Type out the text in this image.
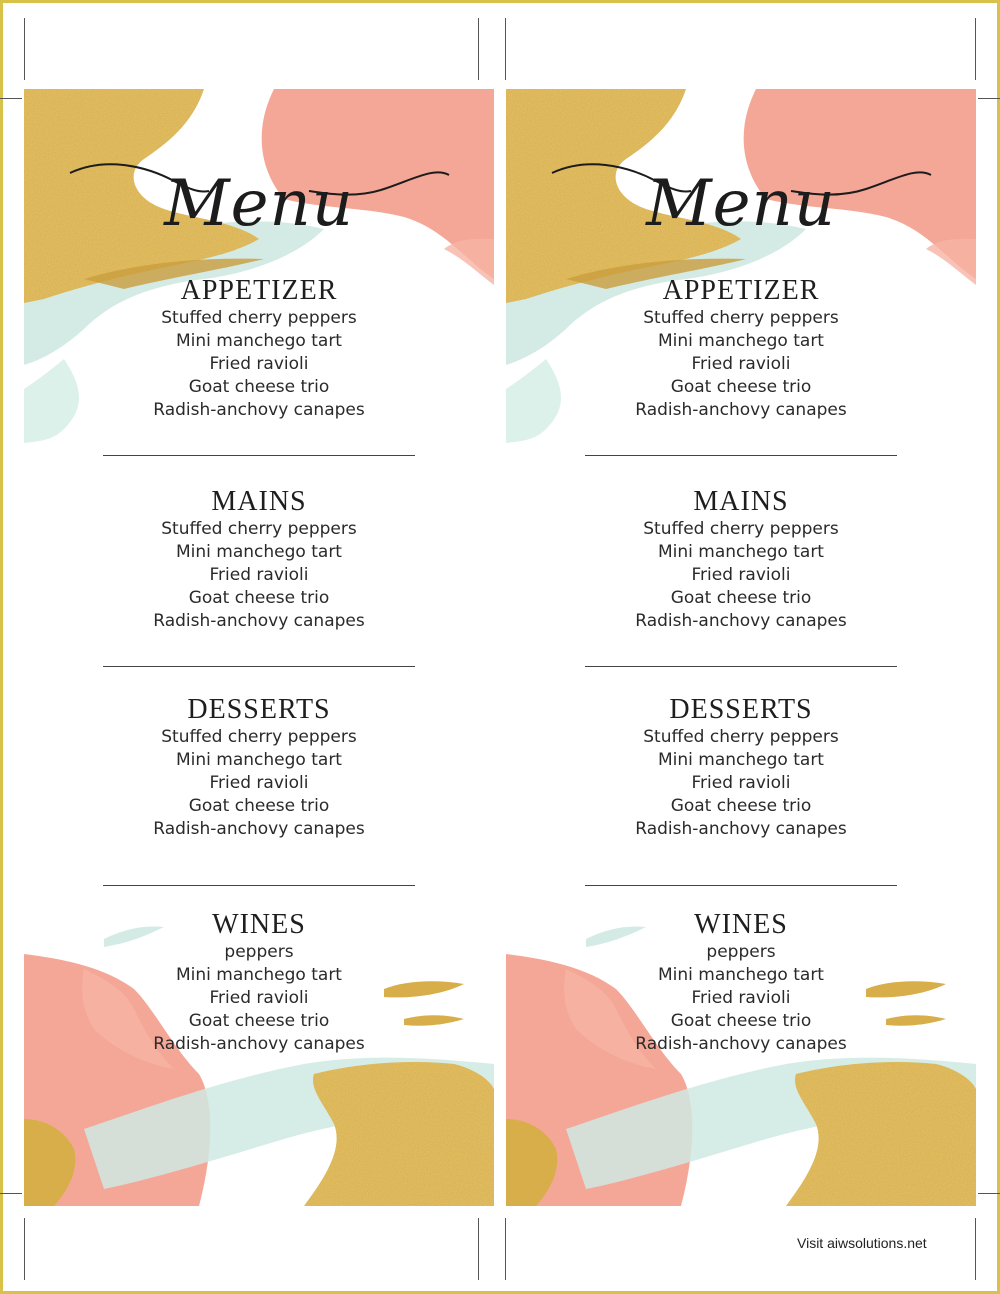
Menu
APPETIZER
Stuffed cherry peppers
Mini manchego tart
Fried ravioli
Goat cheese trio
Radish-anchovy canapes
MAINS
Stuffed cherry peppers
Mini manchego tart
Fried ravioli
Goat cheese trio
Radish-anchovy canapes
DESSERTS
Stuffed cherry peppers
Mini manchego tart
Fried ravioli
Goat cheese trio
Radish-anchovy canapes
WINES
peppers
Mini manchego tart
Fried ravioli
Goat cheese trio
Radish-anchovy canapes
Menu
APPETIZER
Stuffed cherry peppers
Mini manchego tart
Fried ravioli
Goat cheese trio
Radish-anchovy canapes
MAINS
Stuffed cherry peppers
Mini manchego tart
Fried ravioli
Goat cheese trio
Radish-anchovy canapes
DESSERTS
Stuffed cherry peppers
Mini manchego tart
Fried ravioli
Goat cheese trio
Radish-anchovy canapes
WINES
peppers
Mini manchego tart
Fried ravioli
Goat cheese trio
Radish-anchovy canapes
Visit aiwsolutions.net
